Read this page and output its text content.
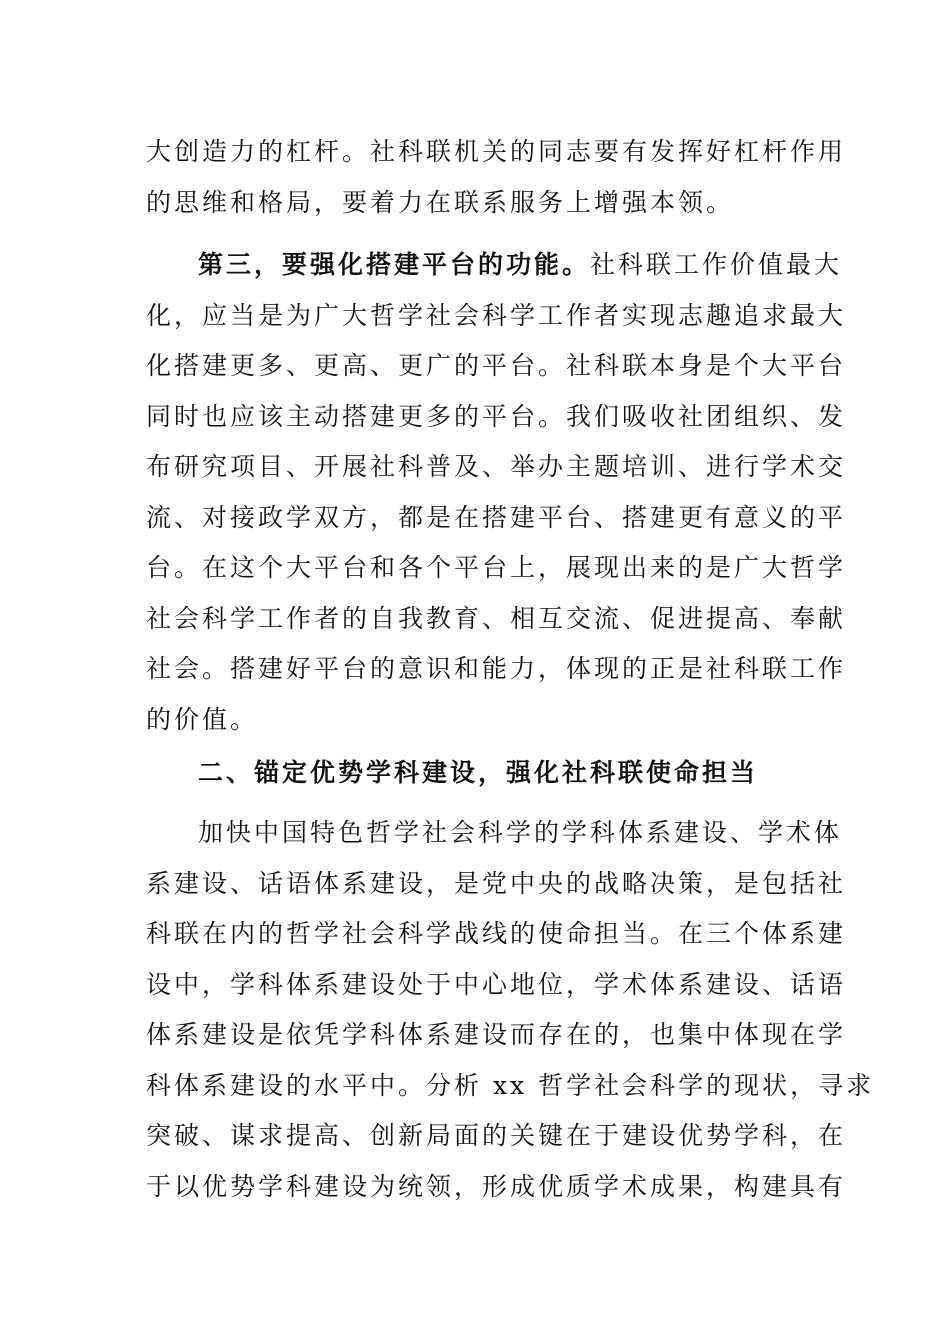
大创造力的杠杆。社科联机关的同志要有发挥好杠杆作用
的思维和格局，要着力在联系服务上增强本领。
第三，要强化搭建平台的功能。社科联工作价值最大
化，应当是为广大哲学社会科学工作者实现志趣追求最大
化搭建更多、更高、更广的平台。社科联本身是个大平台
同时也应该主动搭建更多的平台。我们吸收社团组织、发
布研究项目、开展社科普及、举办主题培训、进行学术交
流、对接政学双方，都是在搭建平台、搭建更有意义的平
台。在这个大平台和各个平台上，展现出来的是广大哲学
社会科学工作者的自我教育、相互交流、促进提高、奉献
社会。搭建好平台的意识和能力，体现的正是社科联工作
的价值。
二、锚定优势学科建设，强化社科联使命担当
加快中国特色哲学社会科学的学科体系建设、学术体
系建设、话语体系建设，是党中央的战略决策，是包括社
科联在内的哲学社会科学战线的使命担当。在三个体系建
设中，学科体系建设处于中心地位，学术体系建设、话语
体系建设是依凭学科体系建设而存在的，也集中体现在学
科体系建设的水平中。分析 xx 哲学社会科学的现状，寻求
突破、谋求提高、创新局面的关键在于建设优势学科，在
于以优势学科建设为统领，形成优质学术成果，构建具有
